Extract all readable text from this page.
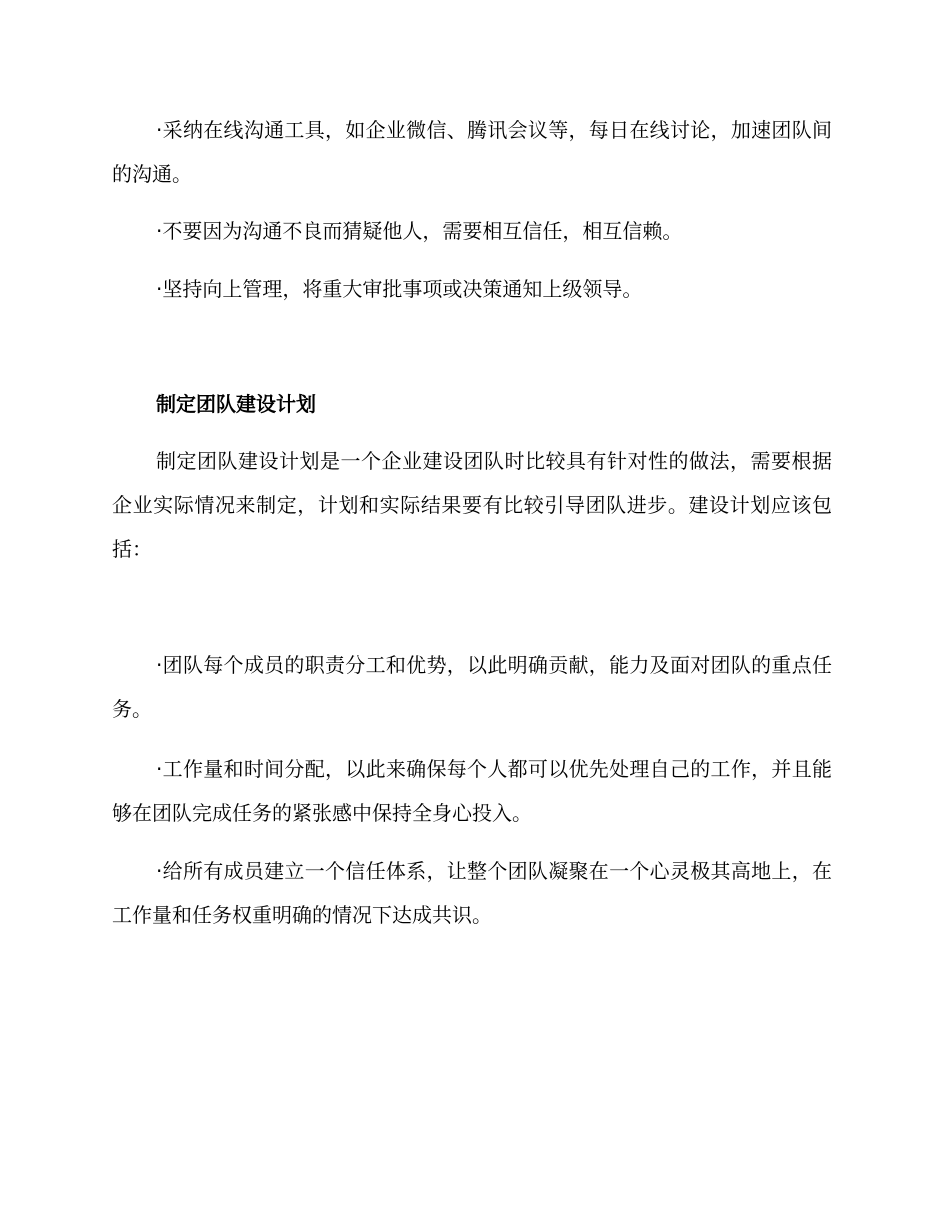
·采纳在线沟通工具，如企业微信、腾讯会议等，每日在线讨论，加速团队间的沟通。

·不要因为沟通不良而猜疑他人，需要相互信任，相互信赖。

·坚持向上管理，将重大审批事项或决策通知上级领导。

制定团队建设计划

制定团队建设计划是一个企业建设团队时比较具有针对性的做法，需要根据企业实际情况来制定，计划和实际结果要有比较引导团队进步。建设计划应该包括：

·团队每个成员的职责分工和优势，以此明确贡献，能力及面对团队的重点任务。

·工作量和时间分配，以此来确保每个人都可以优先处理自己的工作，并且能够在团队完成任务的紧张感中保持全身心投入。

·给所有成员建立一个信任体系，让整个团队凝聚在一个心灵极其高地上，在工作量和任务权重明确的情况下达成共识。
